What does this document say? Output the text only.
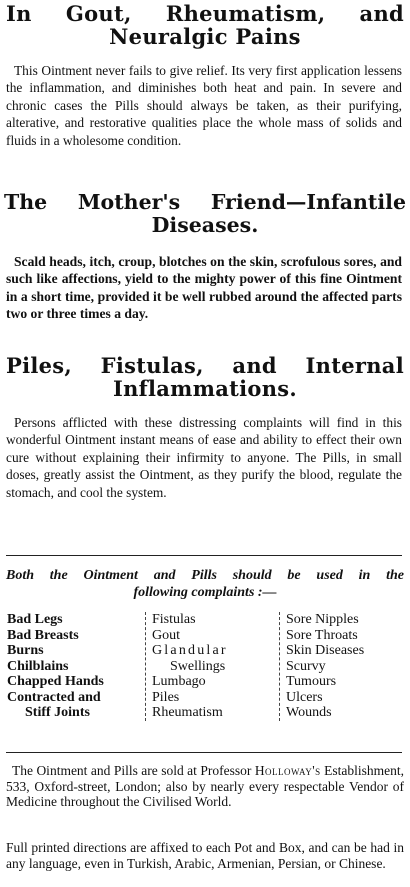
In Gout, Rheumatism, and
Neuralgic Pains

This Ointment never fails to give relief. Its very first application lessens the inflammation, and diminishes both heat and pain. In severe and chronic cases the Pills should always be taken, as their purifying, alterative, and restorative qualities place the whole mass of solids and fluids in a wholesome condition.

The Mother's Friend—Infantile
Diseases.

Scald heads, itch, croup, blotches on the skin, scrofulous sores, and such like affections, yield to the mighty power of this fine Ointment in a short time, provided it be well rubbed around the affected parts two or three times a day.

Piles, Fistulas, and Internal
Inflammations.

Persons afflicted with these distressing complaints will find in this wonderful Ointment instant means of ease and ability to effect their own cure without explaining their infirmity to anyone. The Pills, in small doses, greatly assist the Ointment, as they purify the blood, regulate the stomach, and cool the system.

Both the Ointment and Pills should be used in the
following complaints :—

Bad Legs
Bad Breasts
Burns
Chilblains
Chapped Hands
Contracted and
Stiff Joints
Fistulas
Gout
Glandular
Swellings
Lumbago
Piles
Rheumatism
Sore Nipples
Sore Throats
Skin Diseases
Scurvy
Tumours
Ulcers
Wounds

The Ointment and Pills are sold at Professor Holloway's Establishment, 533, Oxford-street, London; also by nearly every respectable Vendor of Medicine throughout the Civilised World.

Full printed directions are affixed to each Pot and Box, and can be had in any language, even in Turkish, Arabic, Armenian, Persian, or Chinese.
